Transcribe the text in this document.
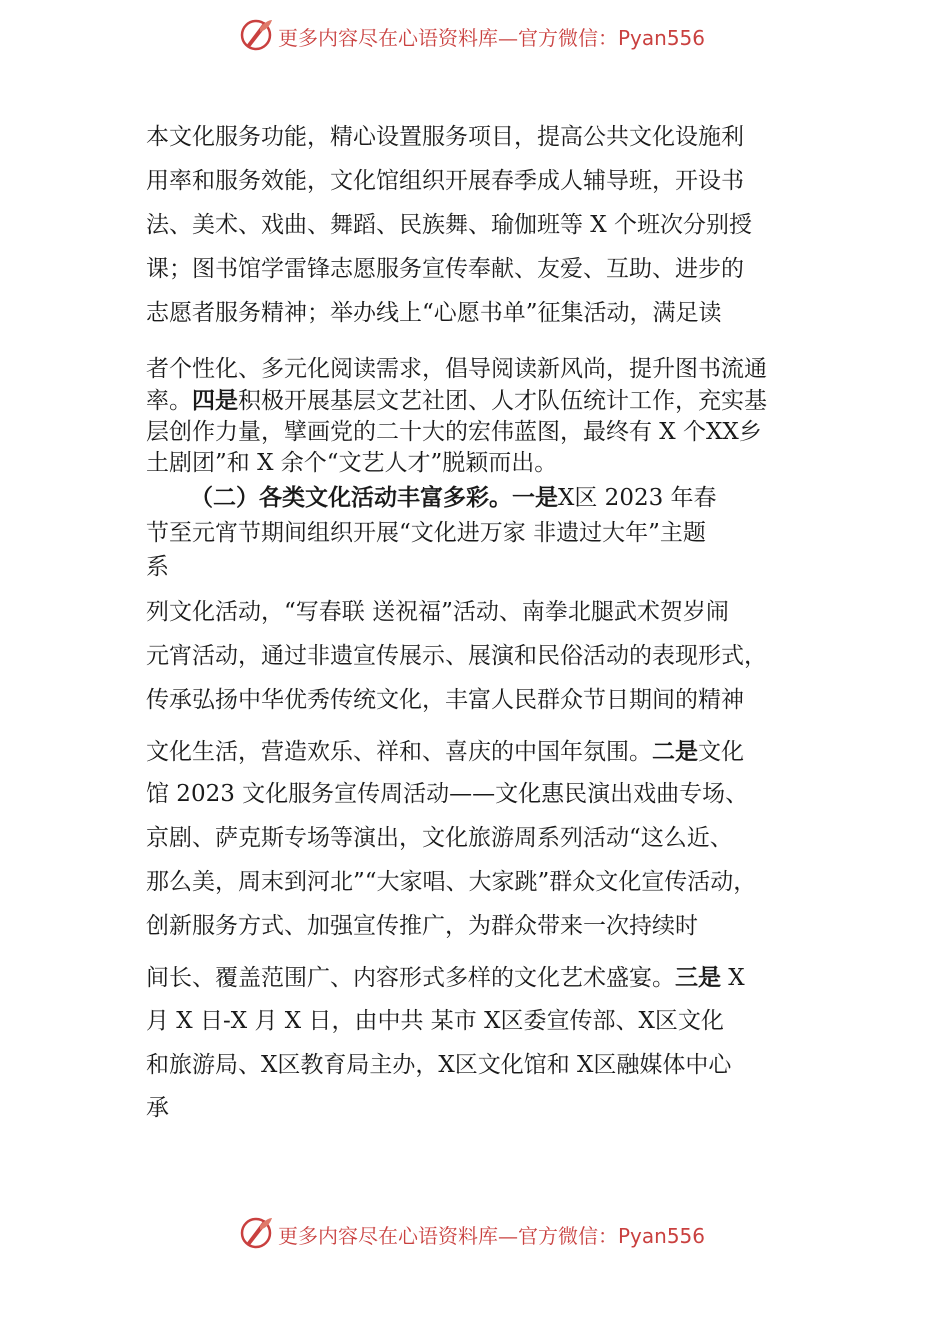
更多内容尽在心语资料库—官方微信：Pyan556
本文化服务功能，精心设置服务项目，提高公共文化设施利
用率和服务效能，文化馆组织开展春季成人辅导班，开设书
法、美术、戏曲、舞蹈、民族舞、瑜伽班等 X 个班次分别授
课；图书馆学雷锋志愿服务宣传奉献、友爱、互助、进步的
志愿者服务精神；举办线上“心愿书单”征集活动，满足读
者个性化、多元化阅读需求，倡导阅读新风尚，提升图书流通
率。四是积极开展基层文艺社团、人才队伍统计工作，充实基
层创作力量，擘画党的二十大的宏伟蓝图，最终有 X 个XX乡
土剧团”和 X 余个“文艺人才”脱颖而出。
（二）各类文化活动丰富多彩。一是X区 2023 年春
节至元宵节期间组织开展“文化进万家 非遗过大年”主题
系
列文化活动，“写春联 送祝福”活动、南拳北腿武术贺岁闹
元宵活动，通过非遗宣传展示、展演和民俗活动的表现形式，
传承弘扬中华优秀传统文化，丰富人民群众节日期间的精神
文化生活，营造欢乐、祥和、喜庆的中国年氛围。二是文化
馆 2023 文化服务宣传周活动——文化惠民演出戏曲专场、
京剧、萨克斯专场等演出，文化旅游周系列活动“这么近、
那么美，周末到河北”“大家唱、大家跳”群众文化宣传活动，
创新服务方式、加强宣传推广，为群众带来一次持续时
间长、覆盖范围广、内容形式多样的文化艺术盛宴。三是 X
月 X 日-X 月 X 日，由中共 某市 X区委宣传部、X区文化
和旅游局、X区教育局主办，X区文化馆和 X区融媒体中心
承
更多内容尽在心语资料库—官方微信：Pyan556
